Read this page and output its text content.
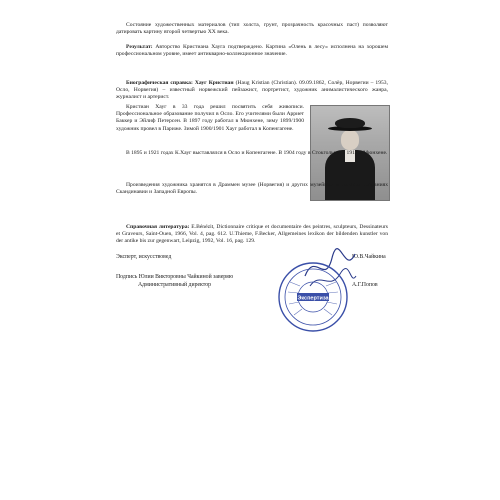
Состояние художественных материалов (тип холста, грунт, прозрачность красочных паст) позволяют датировать картину второй четвертью XX века.

Результат: Авторство Кристиана Хаугa подтверждено. Картина «Олень в лесу» исполнена на хорошем профессиональном уровне, имеет антикварно-коллекционное значение.

Биографическая справка: Хауг Кристиан (Haug Kristian (Christian). 09.09.1862, Солёр, Норвегии – 1953, Осло, Норвегия) – известный норвежский пейзажист, портретист, художник анималистического жанра, журналист и артерист.

Кристиан Хауг в 33 года решил посвятить себя живописи. Профессиональное образование получил в Осло. Его учителями были Арриет Баккер и Эйлиф Петерсен. В 1897 году работал в Мюнхене, зиму 1899/1900 художник провел в Париже. Зимой 1900/1901 Хауг работал в Копенгагене.

В 1895 и 1921 годах К.Хауг выставлялся в Осло и Копенгагене. В 1904 году в Стокгольме, в 1913 в Мюнхене.

Произведения художника хранятся в Драммен музее (Норвегия) и других музейных и частных собраниях Скандинавии и Западной Европы.

Справочная литература: E.Bénézit, Dictionnaire critique et documentaire des peintres, sculpteurs, Dessinateurs et Graveurs, Saint-Ouen, 1966, Vol. 4, pag. 612. U.Thieme, F.Becker, Allgemeines lexikon der bildenden kunstler von der antike bis zur gegenwart, Leipzig, 1992, Vol. 16, pag. 129.

Эксперт, искусствовед	Ю.В.Чайкина
Подпись Юлии Викторовны Чайкиной заверяю
Административный директор	А.Г.Попов
Экспертиза
